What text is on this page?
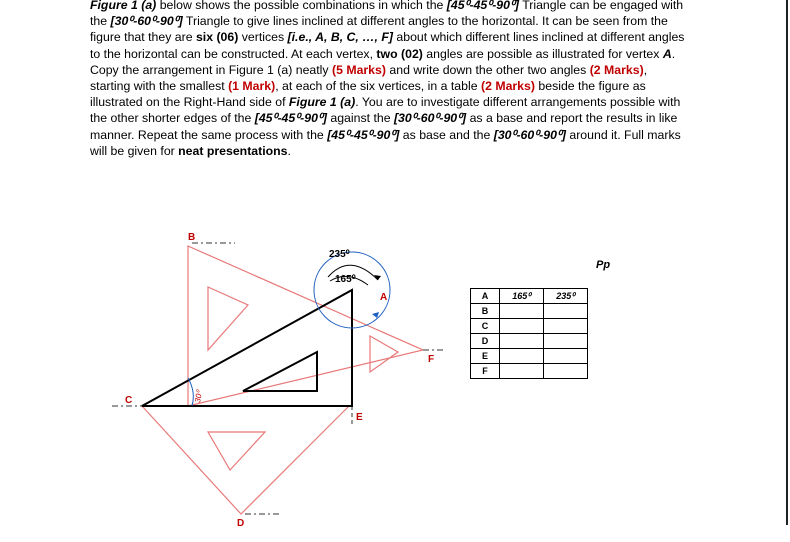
Figure 1 (a) below shows the possible combinations in which the [45⁰-45⁰-90⁰] Triangle can be engaged with the [30⁰-60⁰-90⁰] Triangle to give lines inclined at different angles to the horizontal. It can be seen from the figure that they are six (06) vertices [i.e., A, B, C, …, F] about which different lines inclined at different angles to the horizontal can be constructed. At each vertex, two (02) angles are possible as illustrated for vertex A. Copy the arrangement in Figure 1 (a) neatly (5 Marks) and write down the other two angles (2 Marks), starting with the smallest (1 Mark), at each of the six vertices, in a table (2 Marks) beside the figure as illustrated on the Right-Hand side of Figure 1 (a). You are to investigate different arrangements possible with the other shorter edges of the [45⁰-45⁰-90⁰] against the [30⁰-60⁰-90⁰] as a base and report the results in like manner. Repeat the same process with the [45⁰-45⁰-90⁰] as base and the [30⁰-60⁰-90⁰] around it. Full marks will be given for neat presentations.

B
C
D
E
F
A
235⁰
165⁰
30⁰
Pp
A	165⁰	235⁰
B		
C		
D		
E		
F		
